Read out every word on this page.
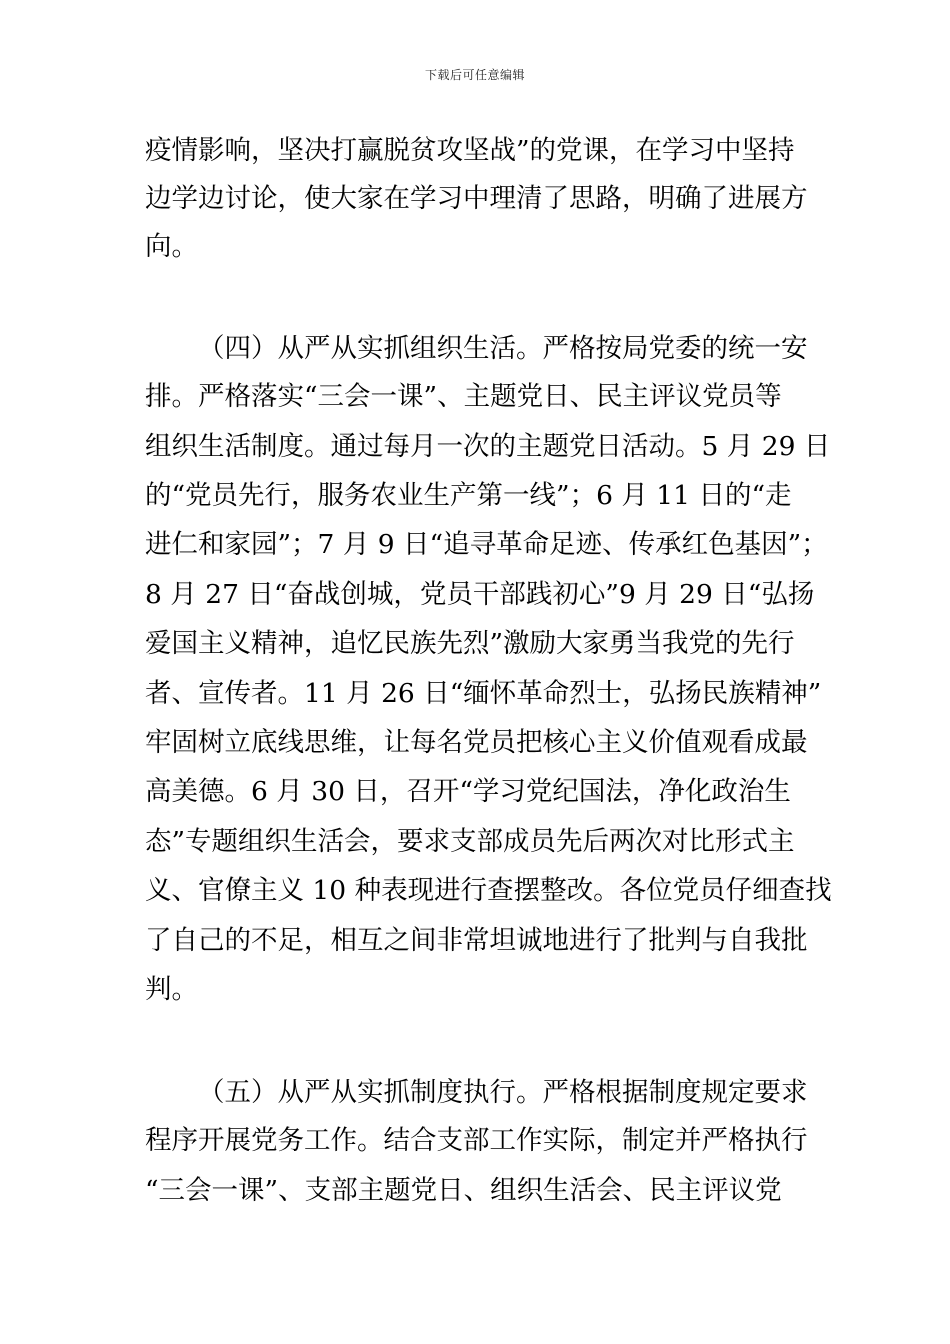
下载后可任意编辑
疫情影响，坚决打赢脱贫攻坚战”的党课，在学习中坚持
边学边讨论，使大家在学习中理清了思路，明确了进展方
向。
（四）从严从实抓组织生活。严格按局党委的统一安
排。严格落实“三会一课”、主题党日、民主评议党员等
组织生活制度。通过每月一次的主题党日活动。5 月 29 日
的“党员先行，服务农业生产第一线”；6 月 11 日的“走
进仁和家园”；7 月 9 日“追寻革命足迹、传承红色基因”；
8 月 27 日“奋战创城，党员干部践初心”9 月 29 日“弘扬
爱国主义精神，追忆民族先烈”激励大家勇当我党的先行
者、宣传者。11 月 26 日“缅怀革命烈士，弘扬民族精神”
牢固树立底线思维，让每名党员把核心主义价值观看成最
高美德。6 月 30 日，召开“学习党纪国法，净化政治生
态”专题组织生活会，要求支部成员先后两次对比形式主
义、官僚主义 10 种表现进行查摆整改。各位党员仔细查找
了自己的不足，相互之间非常坦诚地进行了批判与自我批
判。
（五）从严从实抓制度执行。严格根据制度规定要求
程序开展党务工作。结合支部工作实际，制定并严格执行
“三会一课”、支部主题党日、组织生活会、民主评议党
